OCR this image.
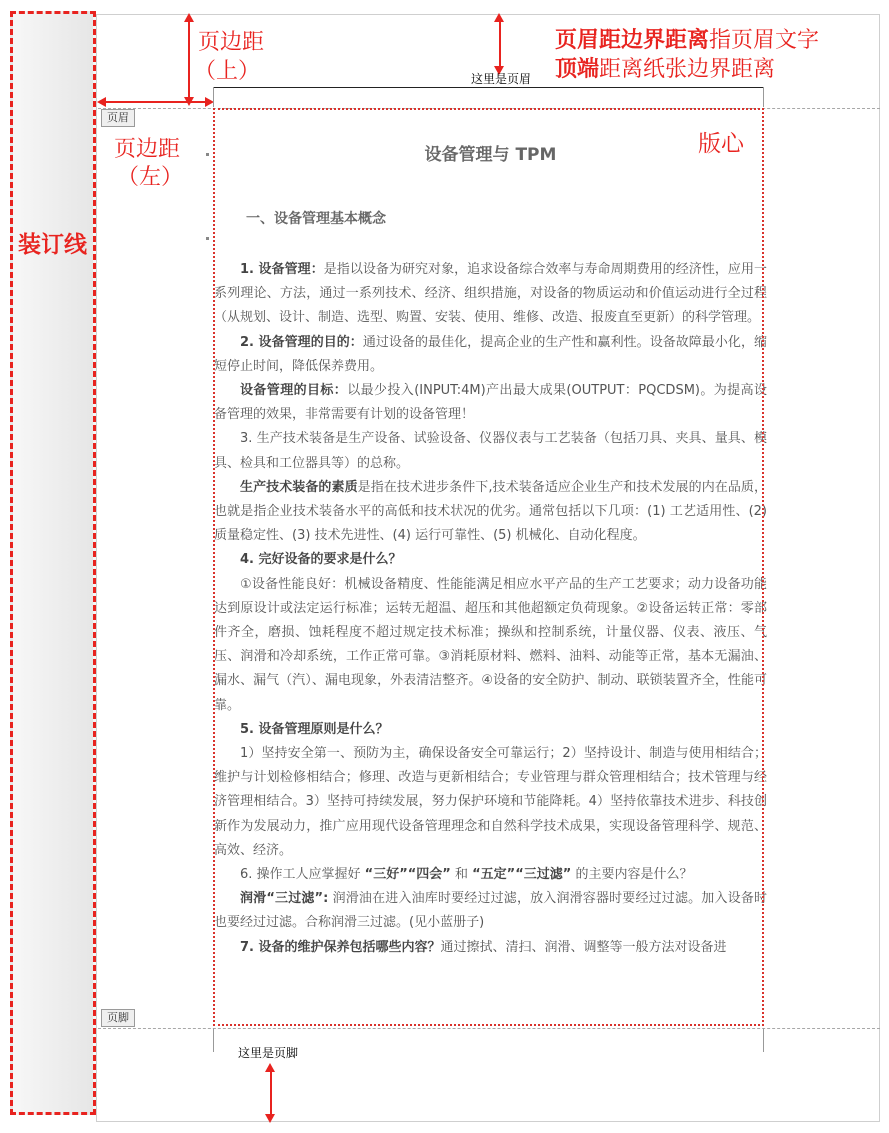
装订线
页边距
（上）
页边距
（左）
页眉距边界距离指页眉文字
顶端距离纸张边界距离
版心
这里是页眉
页眉
页脚
这里是页脚
设备管理与 TPM
一、设备管理基本概念

1. 设备管理：是指以设备为研究对象，追求设备综合效率与寿命周期费用的经济性，应用一系列理论、方法，通过一系列技术、经济、组织措施，对设备的物质运动和价值运动进行全过程（从规划、设计、制造、选型、购置、安装、使用、维修、改造、报废直至更新）的科学管理。

2. 设备管理的目的：通过设备的最佳化，提高企业的生产性和赢利性。设备故障最小化，缩短停止时间，降低保养费用。

设备管理的目标：以最少投入(INPUT:4M)产出最大成果(OUTPUT：PQCDSM)。为提高设备管理的效果，非常需要有计划的设备管理！

3. 生产技术装备是生产设备、试验设备、仪器仪表与工艺装备（包括刀具、夹具、量具、模具、检具和工位器具等）的总称。

生产技术装备的素质是指在技术进步条件下,技术装备适应企业生产和技术发展的内在品质，也就是指企业技术装备水平的高低和技术状况的优劣。通常包括以下几项：(1) 工艺适用性、(2) 质量稳定性、(3) 技术先进性、(4) 运行可靠性、(5) 机械化、自动化程度。

4. 完好设备的要求是什么？

①设备性能良好：机械设备精度、性能能满足相应水平产品的生产工艺要求；动力设备功能达到原设计或法定运行标准；运转无超温、超压和其他超额定负荷现象。②设备运转正常：零部件齐全，磨损、蚀耗程度不超过规定技术标准；操纵和控制系统，计量仪器、仪表、液压、气压、润滑和冷却系统，工作正常可靠。③消耗原材料、燃料、油料、动能等正常，基本无漏油、漏水、漏气（汽）、漏电现象，外表清洁整齐。④设备的安全防护、制动、联锁装置齐全，性能可靠。

5. 设备管理原则是什么？

1）坚持安全第一、预防为主，确保设备安全可靠运行；2）坚持设计、制造与使用相结合；维护与计划检修相结合；修理、改造与更新相结合；专业管理与群众管理相结合；技术管理与经济管理相结合。3）坚持可持续发展，努力保护环境和节能降耗。4）坚持依靠技术进步、科技创新作为发展动力，推广应用现代设备管理理念和自然科学技术成果，实现设备管理科学、规范、高效、经济。

6. 操作工人应掌握好 “三好”“四会” 和 “五定”“三过滤” 的主要内容是什么？

润滑“三过滤”: 润滑油在进入油库时要经过过滤，放入润滑容器时要经过过滤。加入设备时也要经过过滤。合称润滑三过滤。(见小蓝册子)

7. 设备的维护保养包括哪些内容？通过擦拭、清扫、润滑、调整等一般方法对设备进
